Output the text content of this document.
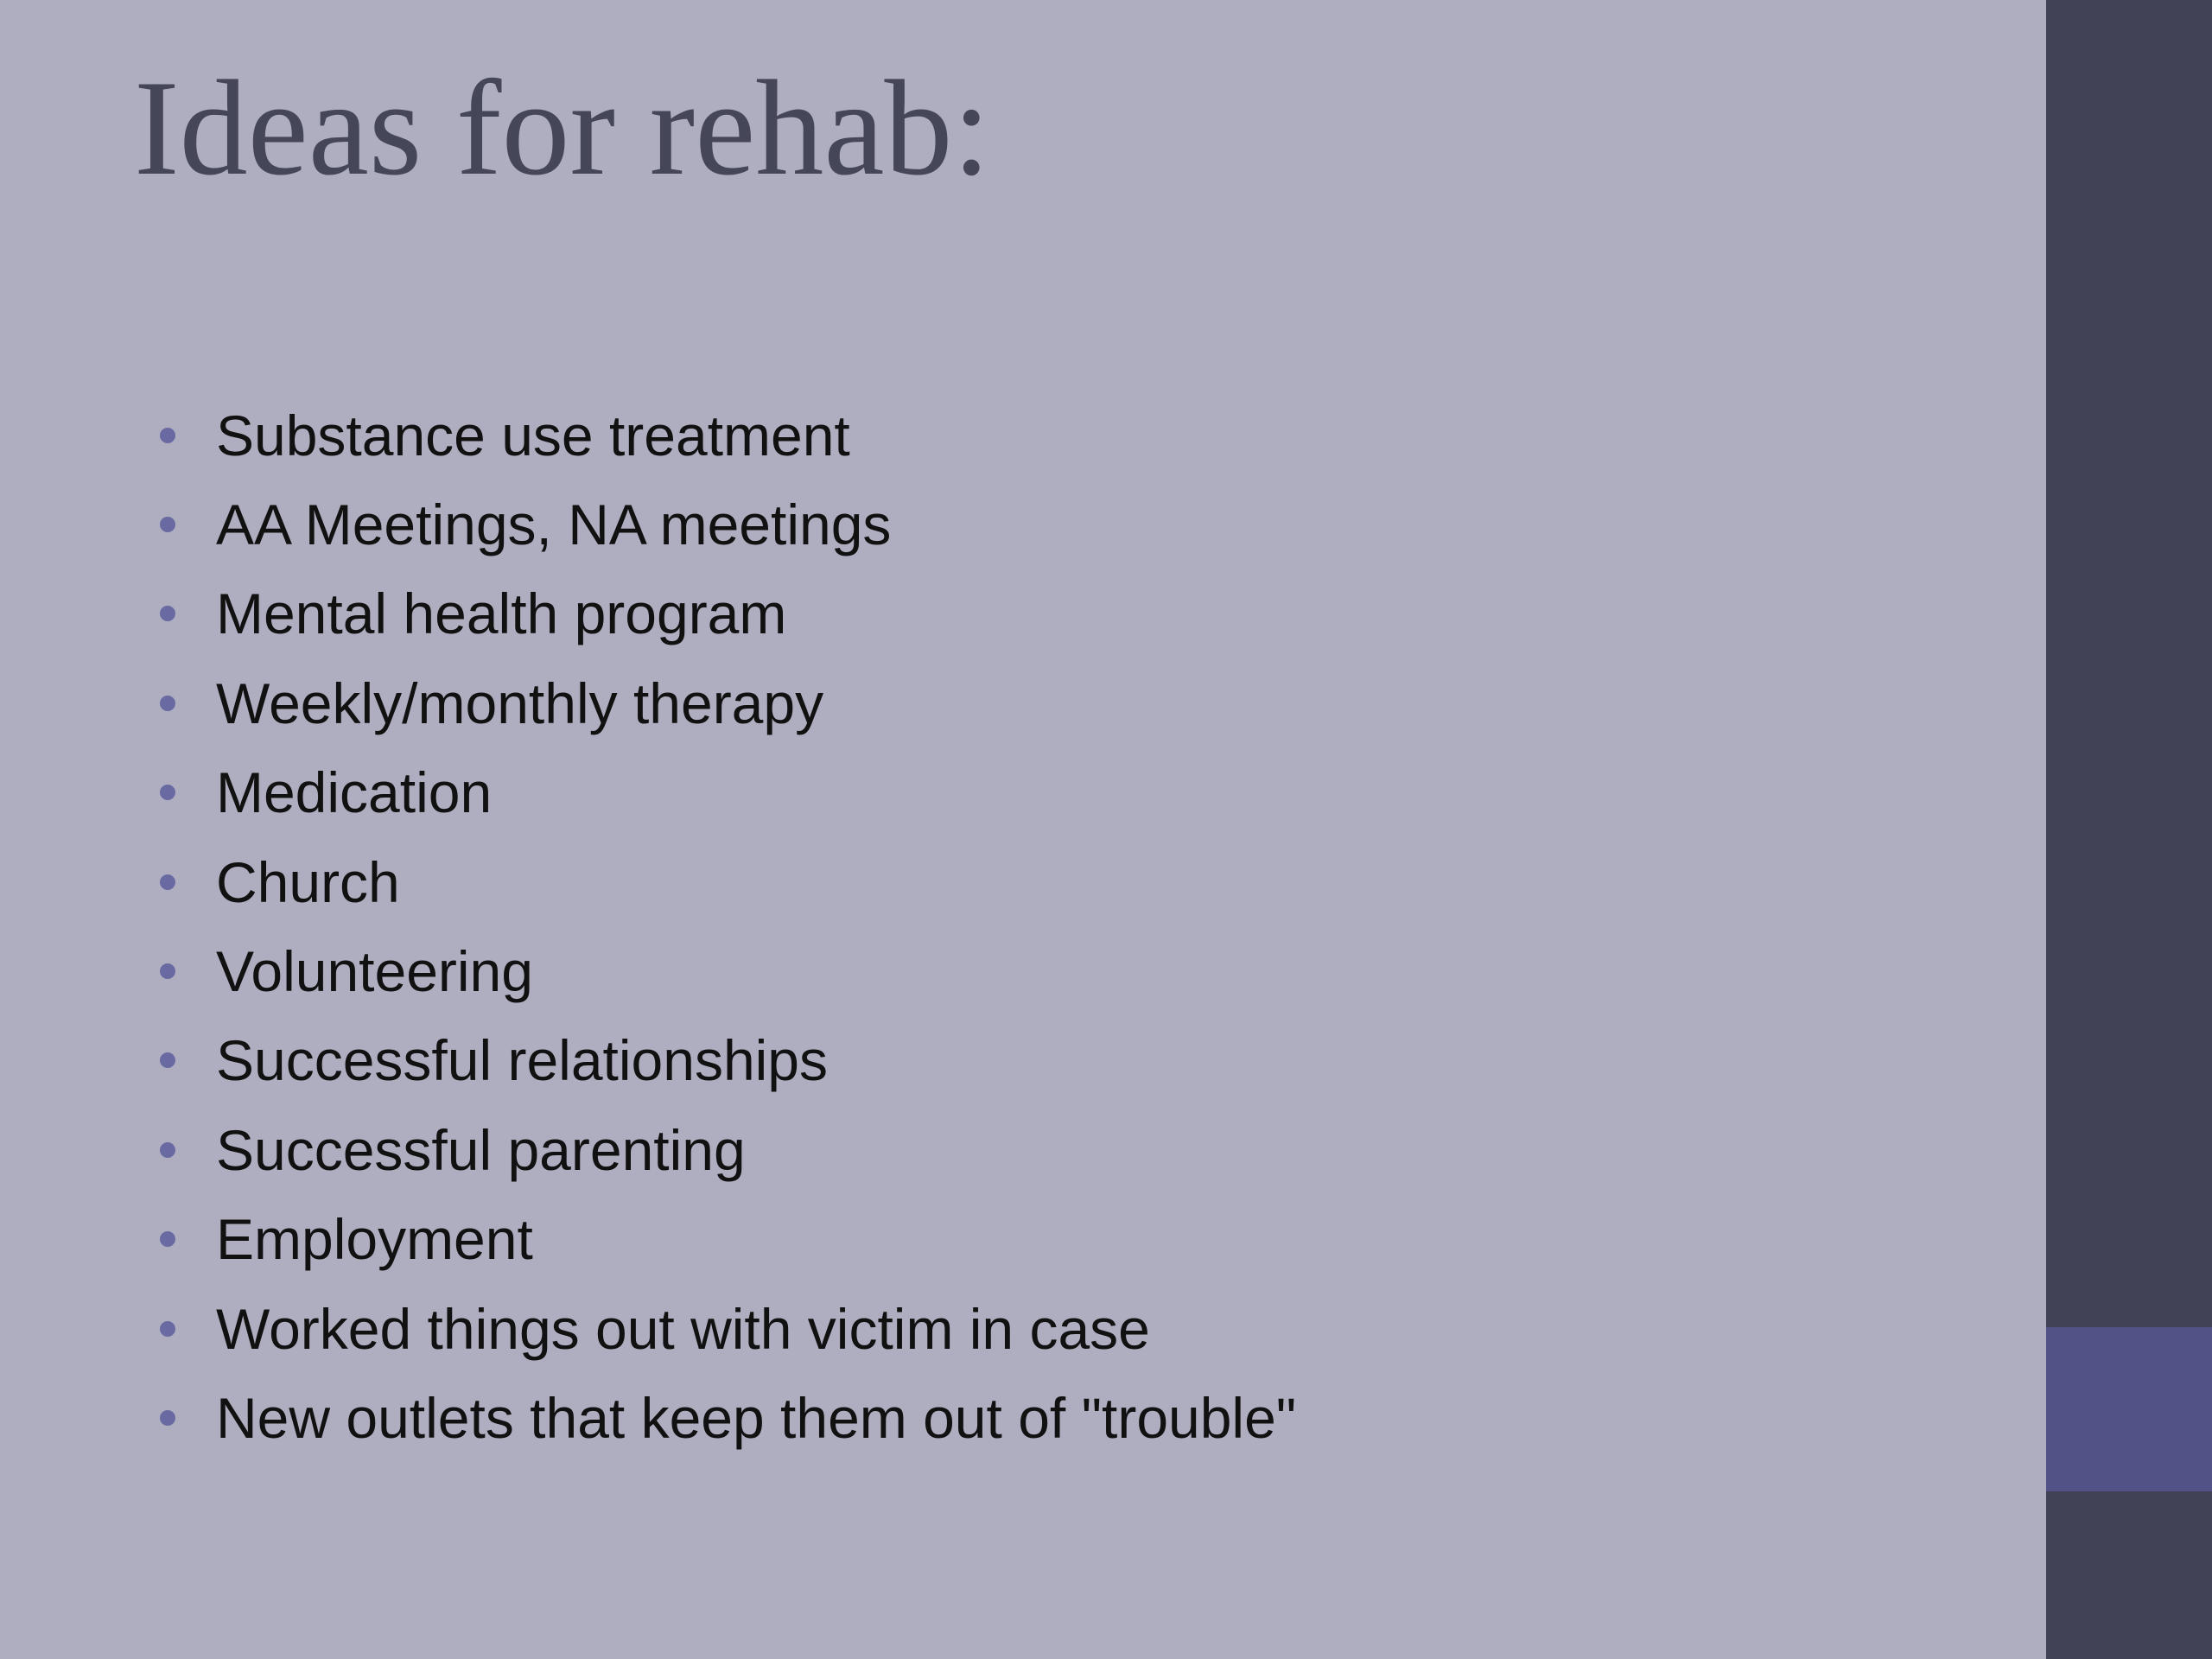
Ideas for rehab:
Substance use treatment
AA Meetings, NA meetings
Mental health program
Weekly/monthly therapy
Medication
Church
Volunteering
Successful relationships
Successful parenting
Employment
Worked things out with victim in case
New outlets that keep them out of "trouble"
